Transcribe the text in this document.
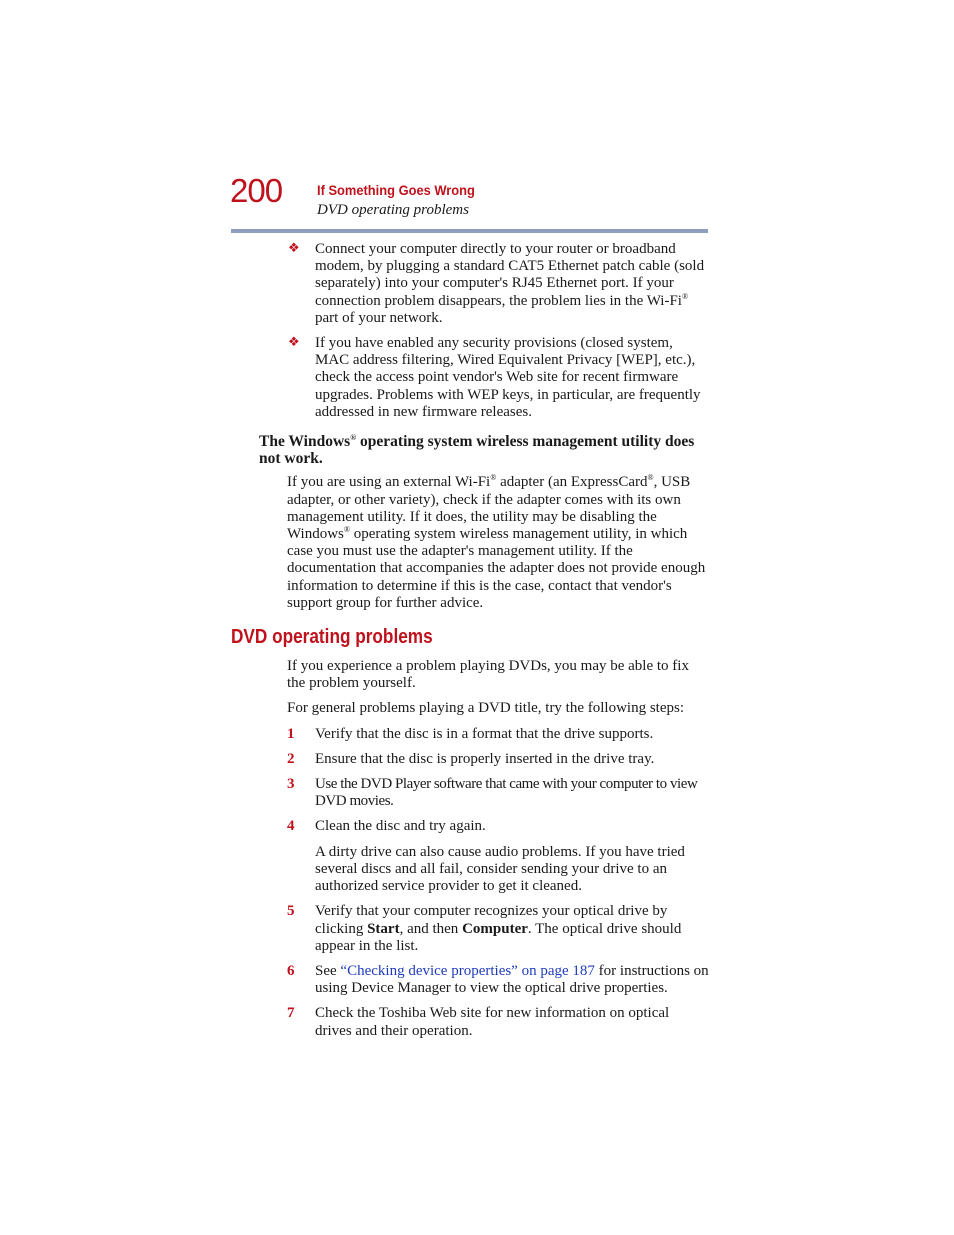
200 If Something Goes Wrong
DVD operating problems
❖ Connect your computer directly to your router or broadband modem, by plugging a standard CAT5 Ethernet patch cable (sold separately) into your computer's RJ45 Ethernet port. If your connection problem disappears, the problem lies in the Wi-Fi® part of your network.
❖ If you have enabled any security provisions (closed system, MAC address filtering, Wired Equivalent Privacy [WEP], etc.), check the access point vendor's Web site for recent firmware upgrades. Problems with WEP keys, in particular, are frequently addressed in new firmware releases.
The Windows® operating system wireless management utility does not work.
If you are using an external Wi-Fi® adapter (an ExpressCard®, USB adapter, or other variety), check if the adapter comes with its own management utility. If it does, the utility may be disabling the Windows® operating system wireless management utility, in which case you must use the adapter's management utility. If the documentation that accompanies the adapter does not provide enough information to determine if this is the case, contact that vendor's support group for further advice.
DVD operating problems
If you experience a problem playing DVDs, you may be able to fix the problem yourself.
For general problems playing a DVD title, try the following steps:
1 Verify that the disc is in a format that the drive supports.
2 Ensure that the disc is properly inserted in the drive tray.
3 Use the DVD Player software that came with your computer to view DVD movies.
4 Clean the disc and try again.
A dirty drive can also cause audio problems. If you have tried several discs and all fail, consider sending your drive to an authorized service provider to get it cleaned.
5 Verify that your computer recognizes your optical drive by clicking Start, and then Computer. The optical drive should appear in the list.
6 See “Checking device properties” on page 187 for instructions on using Device Manager to view the optical drive properties.
7 Check the Toshiba Web site for new information on optical drives and their operation.
